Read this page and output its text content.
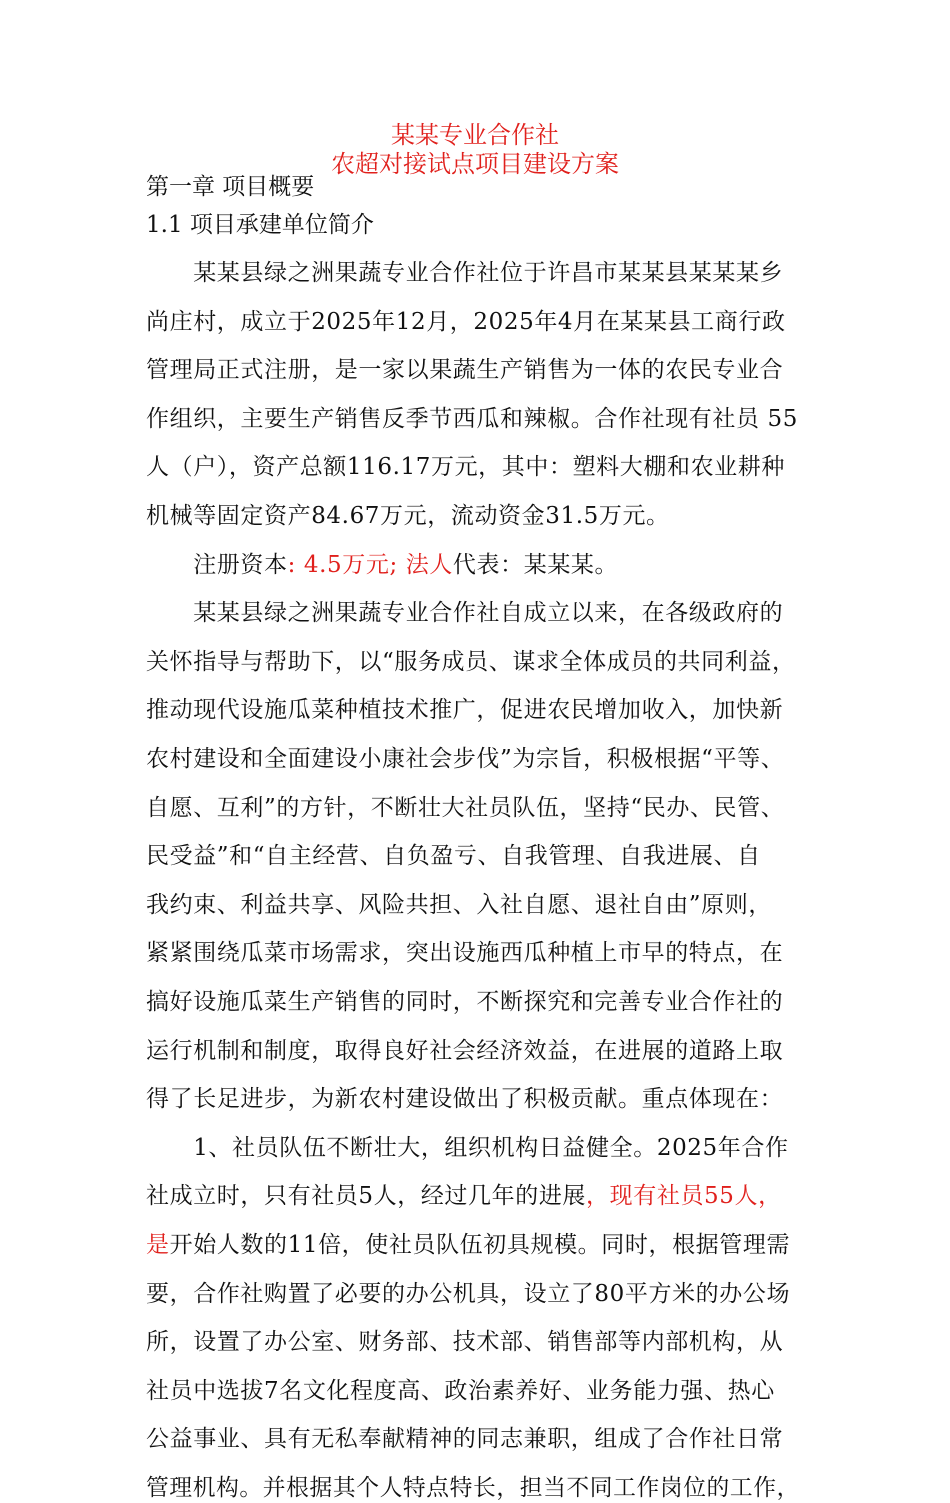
某某专业合作社
农超对接试点项目建设方案
第一章 项目概要
1.1 项目承建单位简介
　　某某县绿之洲果蔬专业合作社位于许昌市某某县某某某乡
尚庄村，成立于2025年12月，2025年4月在某某县工商行政
管理局正式注册，是一家以果蔬生产销售为一体的农民专业合
作组织，主要生产销售反季节西瓜和辣椒。合作社现有社员 55
人（户），资产总额116.17万元，其中：塑料大棚和农业耕种
机械等固定资产84.67万元，流动资金31.5万元。
　　注册资本: 4.5万元; 法人代表：某某某。
　　某某县绿之洲果蔬专业合作社自成立以来，在各级政府的
关怀指导与帮助下，以“服务成员、谋求全体成员的共同利益，
推动现代设施瓜菜种植技术推广，促进农民增加收入，加快新
农村建设和全面建设小康社会步伐”为宗旨，积极根据“平等、
自愿、互利”的方针，不断壮大社员队伍，坚持“民办、民管、
民受益”和“自主经营、自负盈亏、自我管理、自我进展、自
我约束、利益共享、风险共担、入社自愿、退社自由”原则，
紧紧围绕瓜菜市场需求，突出设施西瓜种植上市早的特点，在
搞好设施瓜菜生产销售的同时，不断探究和完善专业合作社的
运行机制和制度，取得良好社会经济效益，在进展的道路上取
得了长足进步，为新农村建设做出了积极贡献。重点体现在：
　　1、社员队伍不断壮大，组织机构日益健全。2025年合作
社成立时，只有社员5人，经过几年的进展，现有社员55人，
是开始人数的11倍，使社员队伍初具规模。同时，根据管理需
要，合作社购置了必要的办公机具，设立了80平方米的办公场
所，设置了办公室、财务部、技术部、销售部等内部机构，从
社员中选拔7名文化程度高、政治素养好、业务能力强、热心
公益事业、具有无私奉献精神的同志兼职，组成了合作社日常
管理机构。并根据其个人特点特长，担当不同工作岗位的工作，
